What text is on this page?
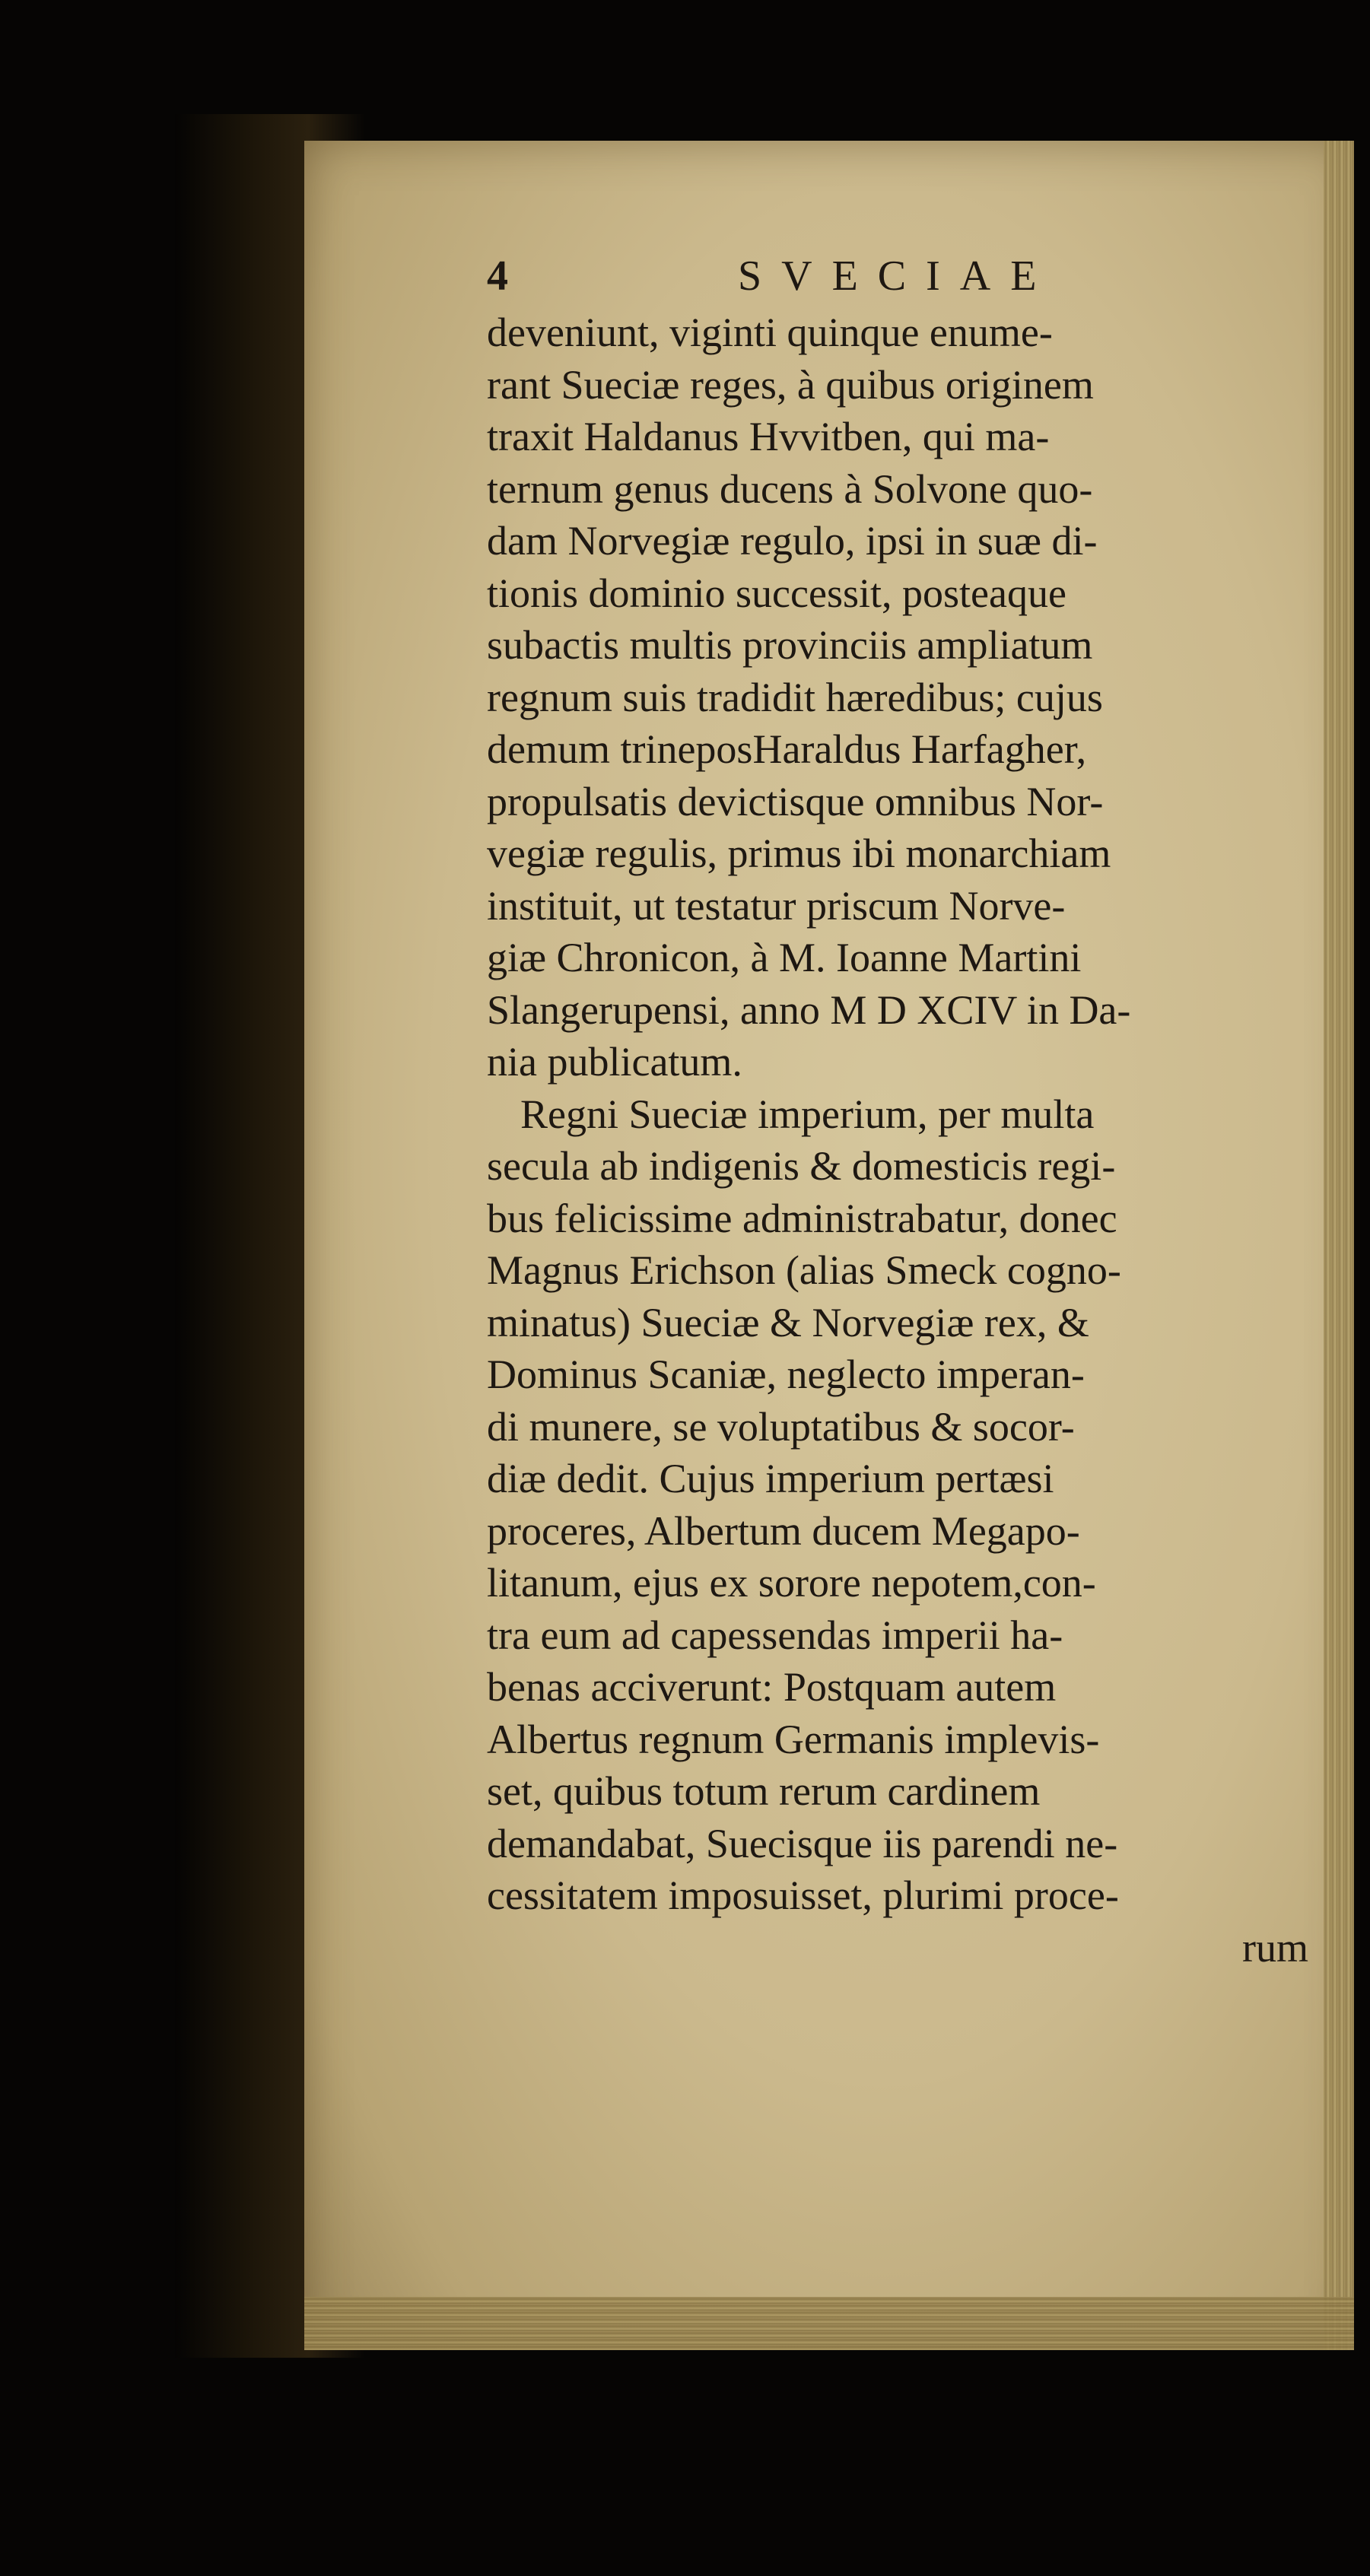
4	SVECIAE
deveniunt, viginti quinque enume-
rant Sueciæ reges, à quibus originem
traxit Haldanus Hvvitben, qui ma-
ternum genus ducens à Solvone quo-
dam Norvegiæ regulo, ipsi in suæ di-
tionis dominio successit, posteaque
subactis multis provinciis ampliatum
regnum suis tradidit hæredibus; cujus
demum trineposHaraldus Harfagher,
propulsatis devictisque omnibus Nor-
vegiæ regulis, primus ibi monarchiam
instituit, ut testatur priscum Norve-
giæ Chronicon, à M. Ioanne Martini
Slangerupensi, anno M D XCIV in Da-
nia publicatum.
Regni Sueciæ imperium, per multa
secula ab indigenis & domesticis regi-
bus felicissime administrabatur, donec
Magnus Erichson (alias Smeck cogno-
minatus) Sueciæ & Norvegiæ rex, &
Dominus Scaniæ, neglecto imperan-
di munere, se voluptatibus & socor-
diæ dedit. Cujus imperium pertæsi
proceres, Albertum ducem Megapo-
litanum, ejus ex sorore nepotem,con-
tra eum ad capessendas imperii ha-
benas acciverunt: Postquam autem
Albertus regnum Germanis implevis-
set, quibus totum rerum cardinem
demandabat, Suecisque iis parendi ne-
cessitatem imposuisset, plurimi proce-
rum
